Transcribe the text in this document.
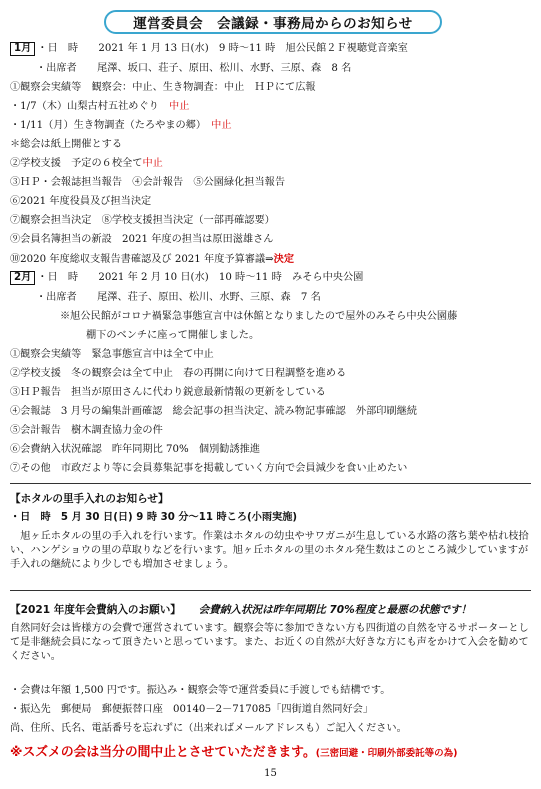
運営委員会　会議録・事務局からのお知らせ
1月 ・日　時　　2021 年 1 月 13 日(水)　9 時～11 時　旭公民館２Ｆ視聴覚音楽室
・出席者　　尾澤、坂口、荘子、原田、松川、水野、三原、森　8 名
①観察会実績等　観察会：中止、生き物調査：中止　ＨＰにて広報
・1/7（木）山梨古村五社めぐり　中止
・1/11（月）生き物調査（たろやまの郷）　中止
＊総会は紙上開催とする
②学校支援　予定の６校全て中止
③ＨＰ・会報誌担当報告　④会計報告　⑤公園緑化担当報告
⑥2021 年度役員及び担当決定
⑦観察会担当決定　⑧学校支援担当決定（一部再確認要）
⑨会員名簿担当の新設　2021 年度の担当は原田滋雄さん
⑩2020 年度総収支報告書確認及び 2021 年度予算審議⇒決定
2月 ・日　時　　2021 年 2 月 10 日(水)　10 時～11 時　みそら中央公園
・出席者　　尾澤、荘子、原田、松川、水野、三原、森　7 名
※旭公民館がコロナ禍緊急事態宣言中は休館となりましたので屋外のみそら中央公園藤
棚下のベンチに座って開催しました。
①観察会実績等　緊急事態宣言中は全て中止
②学校支援　冬の観察会は全て中止　春の再開に向けて日程調整を進める
③ＨＰ報告　担当が原田さんに代わり鋭意最新情報の更新をしている
④会報誌　3 月号の編集計画確認　総会記事の担当決定、読み物記事確認　外部印刷継続
⑤会計報告　樹木調査協力金の件
⑥会費納入状況確認　昨年同期比 70%　個別勧誘推進
⑦その他　市政だより等に会員募集記事を掲載していく方向で会員減少を食い止めたい
【ホタルの里手入れのお知らせ】
・日　時　5 月 30 日(日) 9 時 30 分～11 時ころ(小雨実施)
旭ヶ丘ホタルの里の手入れを行います。作業はホタルの幼虫やサワガニが生息している水路の落ち葉や枯れ枝拾い、ハンゲショウの里の草取りなどを行います。旭ヶ丘ホタルの里のホタル発生数はこのところ減少していますが手入れの継続により少しでも増加させましょう。
【2021 年度年会費納入のお願い】 会費納入状況は昨年同期比 70%程度と最悪の状態です！
自然同好会は皆様方の会費で運営されています。観察会等に参加できない方も四街道の自然を守るサポーターとして是非継続会員になって頂きたいと思っています。また、お近くの自然が大好きな方にも声をかけて入会を勧めてください。
・会費は年額 1,500 円です。振込み・観察会等で運営委員に手渡しでも結構です。
・振込先　郵便局　郵便振替口座　00140－2－717085「四街道自然同好会」
尚、住所、氏名、電話番号を忘れずに（出来ればメールアドレスも）ご記入ください。
※スズメの会は当分の間中止とさせていただきます。(三密回避・印刷外部委託等の為)
15
